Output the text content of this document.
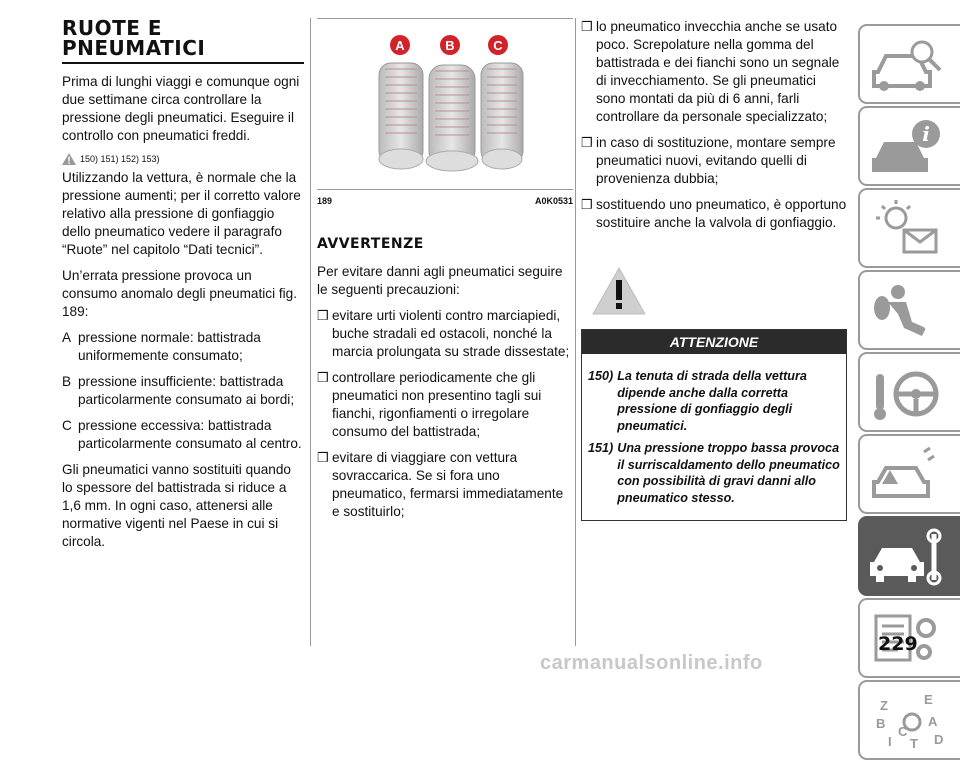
RUOTE E
PNEUMATICI

Prima di lunghi viaggi e comunque ogni due settimane circa controllare la pressione degli pneumatici. Eseguire il controllo con pneumatici freddi.

150) 151) 152) 153)

Utilizzando la vettura, è normale che la pressione aumenti; per il corretto valore relativo alla pressione di gonfiaggio dello pneumatico vedere il paragrafo “Ruote” nel capitolo “Dati tecnici”.

Un’errata pressione provoca un consumo anomalo degli pneumatici fig. 189:

A pressione normale: battistrada uniformemente consumato;
B pressione insufficiente: battistrada particolarmente consumato ai bordi;
C pressione eccessiva: battistrada particolarmente consumato al centro.

Gli pneumatici vanno sostituiti quando lo spessore del battistrada si riduce a 1,6 mm. In ogni caso, attenersi alle normative vigenti nel Paese in cui si circola.

A	B	C
189	A0K0531
AVVERTENZE

Per evitare danni agli pneumatici seguire le seguenti precauzioni:

❒ evitare urti violenti contro marciapiedi, buche stradali ed ostacoli, nonché la marcia prolungata su strade dissestate;
❒ controllare periodicamente che gli pneumatici non presentino tagli sui fianchi, rigonfiamenti o irregolare consumo del battistrada;
❒ evitare di viaggiare con vettura sovraccarica. Se si fora uno pneumatico, fermarsi immediatamente e sostituirlo;
❒ lo pneumatico invecchia anche se usato poco. Screpolature nella gomma del battistrada e dei fianchi sono un segnale di invecchiamento. Se gli pneumatici sono montati da più di 6 anni, farli controllare da personale specializzato;
❒ in caso di sostituzione, montare sempre pneumatici nuovi, evitando quelli di provenienza dubbia;
❒ sostituendo uno pneumatico, è opportuno sostituire anche la valvola di gonfiaggio.
ATTENZIONE
150) La tenuta di strada della vettura dipende anche dalla corretta pressione di gonfiaggio degli pneumatici.
151) Una pressione troppo bassa provoca il surriscaldamento dello pneumatico con possibilità di gravi danni allo pneumatico stesso.
i
Z	E
B	A
I
C
T D
229
carmanualsonline.info
